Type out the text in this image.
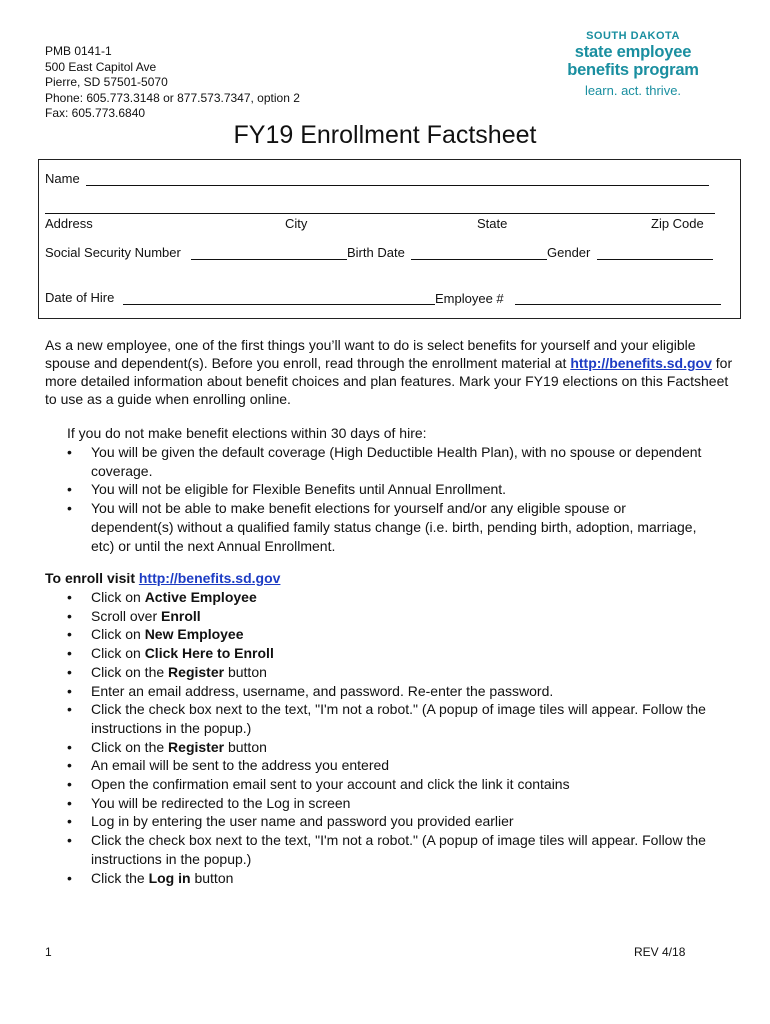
PMB 0141-1
500 East Capitol Ave
Pierre, SD 57501-5070
Phone: 605.773.3148 or 877.573.7347, option 2
Fax: 605.773.6840
SOUTH DAKOTA
state employee
benefits program
learn. act. thrive.
FY19 Enrollment Factsheet
Name
Address	City	State	Zip Code
Social Security Number	Birth Date	Gender
Date of Hire	Employee #
As a new employee, one of the first things you’ll want to do is select benefits for yourself and your eligible spouse and dependent(s). Before you enroll, read through the enrollment material at http://benefits.sd.gov for more detailed information about benefit choices and plan features. Mark your FY19 elections on this Factsheet to use as a guide when enrolling online.
If you do not make benefit elections within 30 days of hire:
• You will be given the default coverage (High Deductible Health Plan), with no spouse or dependent coverage.
• You will not be eligible for Flexible Benefits until Annual Enrollment.
• You will not be able to make benefit elections for yourself and/or any eligible spouse or dependent(s) without a qualified family status change (i.e. birth, pending birth, adoption, marriage, etc) or until the next Annual Enrollment.
To enroll visit http://benefits.sd.gov
• Click on Active Employee
• Scroll over Enroll
• Click on New Employee
• Click on Click Here to Enroll
• Click on the Register button
• Enter an email address, username, and password. Re-enter the password.
• Click the check box next to the text, "I'm not a robot." (A popup of image tiles will appear. Follow the instructions in the popup.)
• Click on the Register button
• An email will be sent to the address you entered
• Open the confirmation email sent to your account and click the link it contains
• You will be redirected to the Log in screen
• Log in by entering the user name and password you provided earlier
• Click the check box next to the text, "I'm not a robot." (A popup of image tiles will appear. Follow the instructions in the popup.)
• Click the Log in button
1	REV 4/18
